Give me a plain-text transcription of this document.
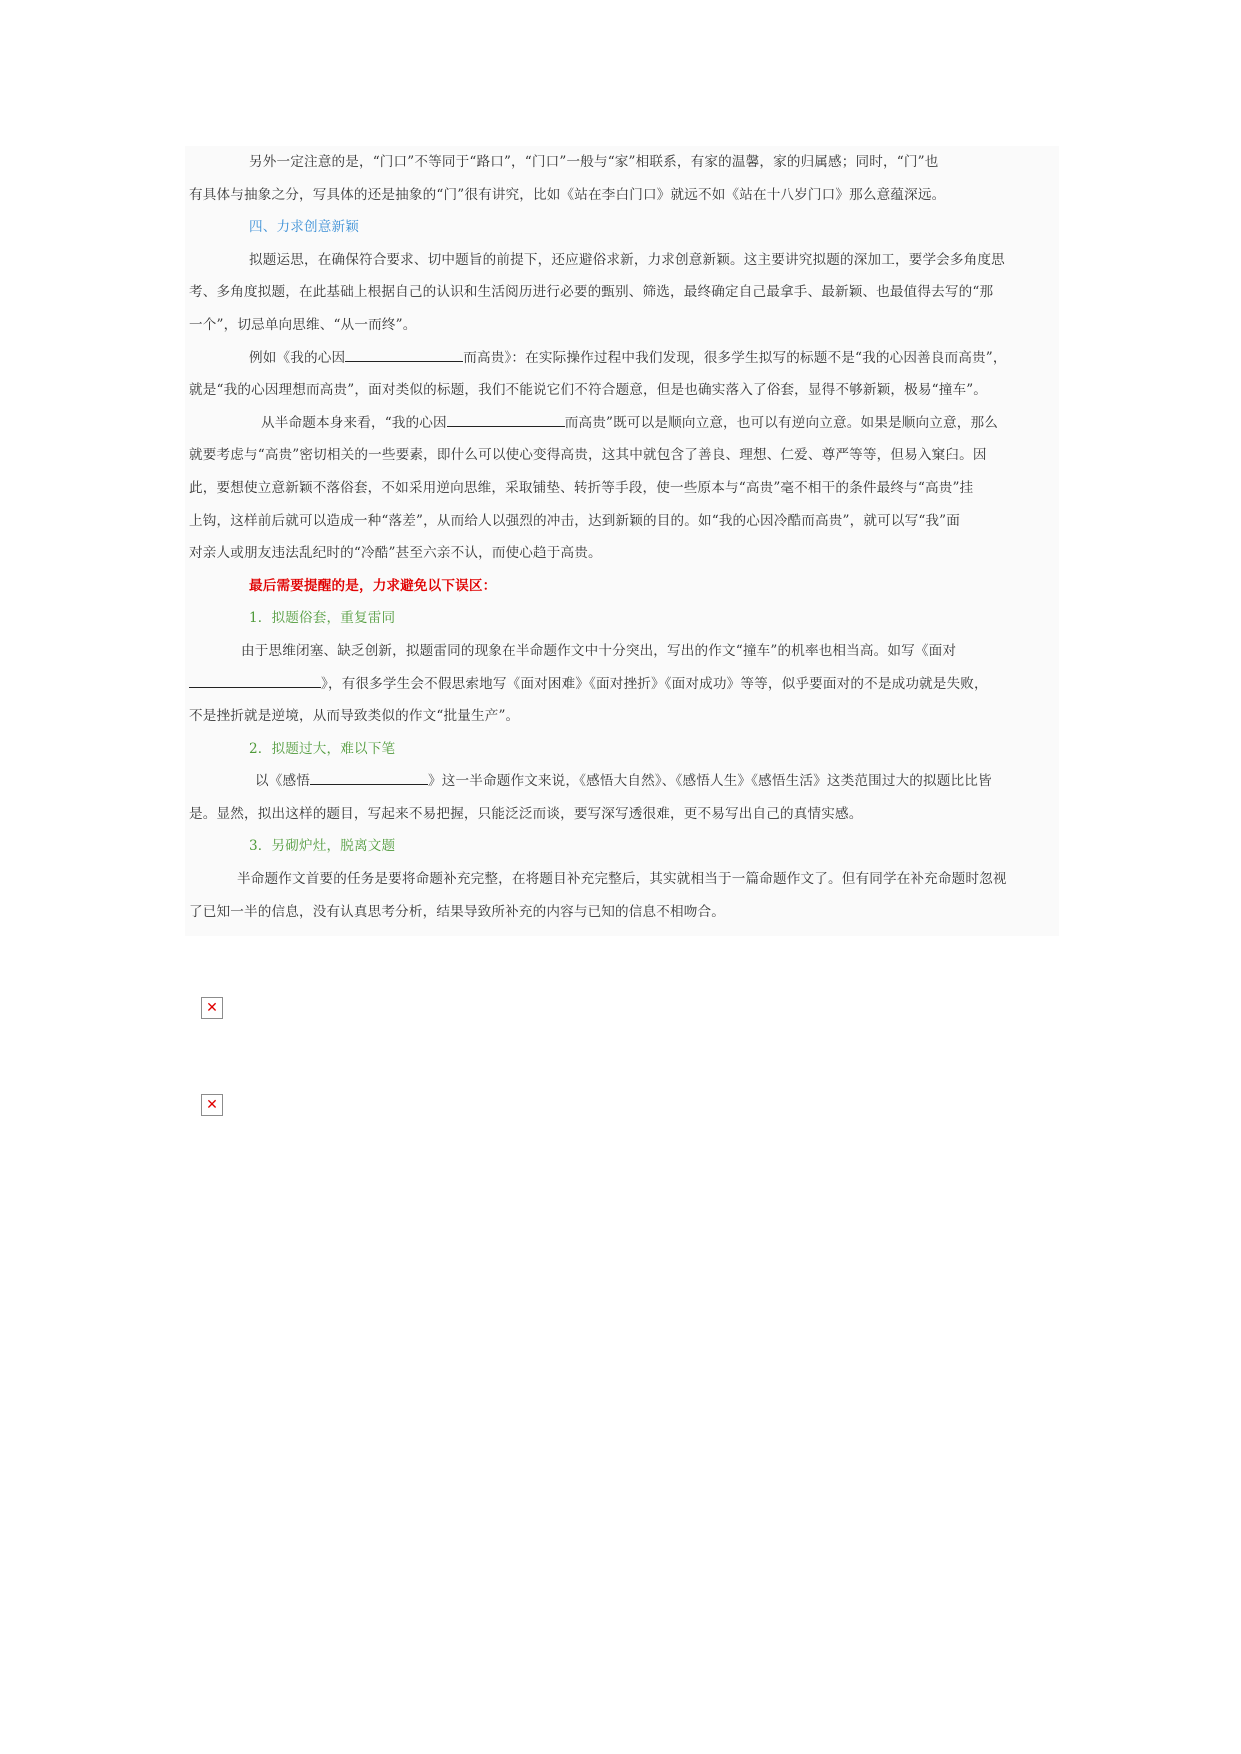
另外一定注意的是，“门口”不等同于“路口”，“门口”一般与“家”相联系，有家的温馨，家的归属感；同时，“门”也
有具体与抽象之分，写具体的还是抽象的“门”很有讲究，比如《站在李白门口》就远不如《站在十八岁门口》那么意蕴深远。
四、力求创意新颖
拟题运思，在确保符合要求、切中题旨的前提下，还应避俗求新，力求创意新颖。这主要讲究拟题的深加工，要学会多角度思
考、多角度拟题，在此基础上根据自己的认识和生活阅历进行必要的甄别、筛选，最终确定自己最拿手、最新颖、也最值得去写的“那
一个”，切忌单向思维、“从一而终”。
例如《我的心因	而高贵》：在实际操作过程中我们发现，很多学生拟写的标题不是“我的心因善良而高贵”，
就是“我的心因理想而高贵”，面对类似的标题，我们不能说它们不符合题意，但是也确实落入了俗套，显得不够新颖，极易“撞车”。
从半命题本身来看，“我的心因	而高贵”既可以是顺向立意，也可以有逆向立意。如果是顺向立意，那么
就要考虑与“高贵”密切相关的一些要素，即什么可以使心变得高贵，这其中就包含了善良、理想、仁爱、尊严等等，但易入窠臼。因
此，要想使立意新颖不落俗套，不如采用逆向思维，采取铺垫、转折等手段，使一些原本与“高贵”毫不相干的条件最终与“高贵”挂
上钩，这样前后就可以造成一种“落差”，从而给人以强烈的冲击，达到新颖的目的。如“我的心因冷酷而高贵”，就可以写“我”面
对亲人或朋友违法乱纪时的“冷酷”甚至六亲不认，而使心趋于高贵。
最后需要提醒的是，力求避免以下误区：
1．拟题俗套，重复雷同
由于思维闭塞、缺乏创新，拟题雷同的现象在半命题作文中十分突出，写出的作文“撞车”的机率也相当高。如写《面对
》，有很多学生会不假思索地写《面对困难》《面对挫折》《面对成功》等等，似乎要面对的不是成功就是失败，
不是挫折就是逆境，从而导致类似的作文“批量生产”。
2．拟题过大，难以下笔
以《感悟	》这一半命题作文来说，《感悟大自然》、《感悟人生》《感悟生活》这类范围过大的拟题比比皆
是。显然，拟出这样的题目，写起来不易把握，只能泛泛而谈，要写深写透很难，更不易写出自己的真情实感。
3．另砌炉灶，脱离文题
半命题作文首要的任务是要将命题补充完整，在将题目补充完整后，其实就相当于一篇命题作文了。但有同学在补充命题时忽视
了已知一半的信息，没有认真思考分析，结果导致所补充的内容与已知的信息不相吻合。
✕
✕
